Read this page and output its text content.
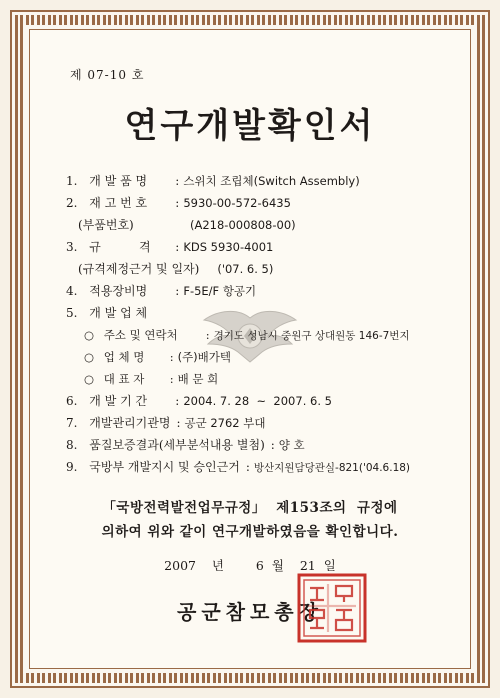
제 07-10 호
연구개발확인서
1. 개 발 품 명 : 스위치 조립체(Switch Assembly)
2. 재 고 번 호 : 5930-00-572-6435
(부품번호)	(A218-000808-00)
3. 규          격 : KDS 5930-4001
(규격제정근거 및 일자) ('07. 6. 5)
4. 적용장비명 : F-5E/F 항공기
5. 개 발 업 체
○ 주소 및 연락처 : 경기도 성남시 중원구 상대원동 146-7번지
○ 업 체 명 : (주)배가텍
○ 대 표 자 : 배 문 희
6. 개 발 기 간 : 2004. 7. 28  ~  2007. 6. 5
7. 개발관리기관명 : 공군 2762 부대
8. 품질보증결과(세부분석내용 별첨) : 양 호
9. 국방부 개발지시 및 승인근거 : 방산지원담당관실-821('04.6.18)
「국방전력발전업무규정」  제153조의  규정에
의하여 위와 같이 연구개발하였음을 확인합니다.
2007  년    6 월  21 일
공군참모총장
